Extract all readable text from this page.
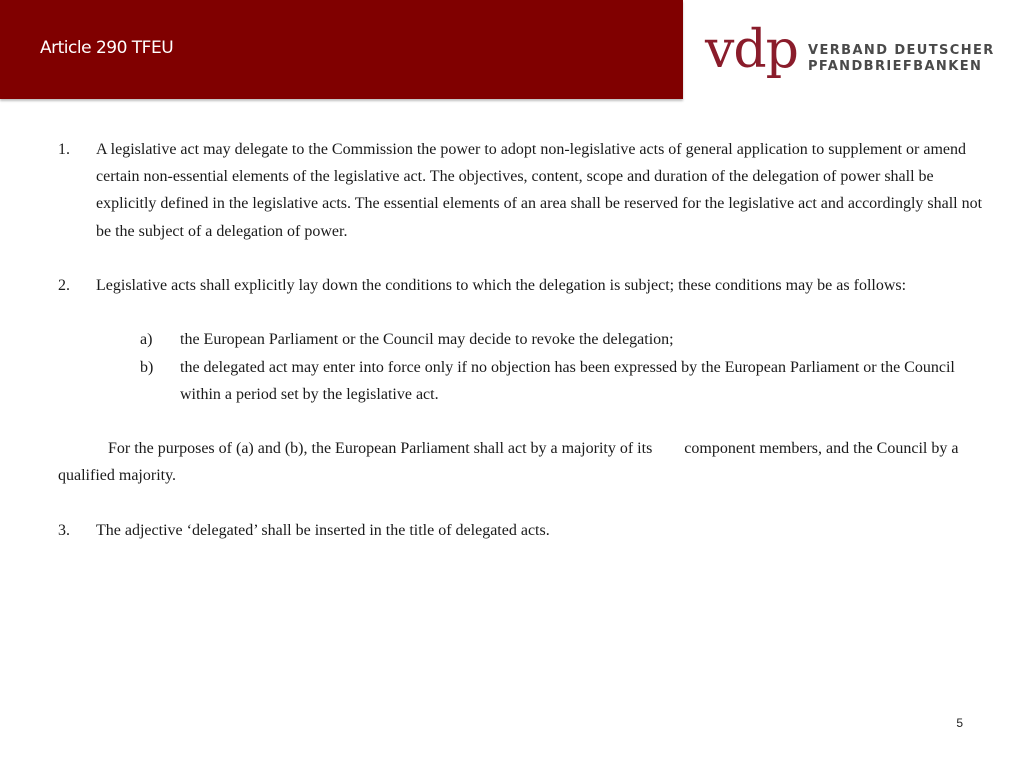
Article 290 TFEU	vdp VERBAND DEUTSCHER
PFANDBRIEFBANKEN
1. A legislative act may delegate to the Commission the power to adopt non-legislative acts of general application to supplement or amend certain non-essential elements of the legislative act. The objectives, content, scope and duration of the delegation of power shall be explicitly defined in the legislative acts. The essential elements of an area shall be reserved for the legislative act and accordingly shall not be the subject of a delegation of power.
2. Legislative acts shall explicitly lay down the conditions to which the delegation is subject; these conditions may be as follows:
a) the European Parliament or the Council may decide to revoke the delegation;
b) the delegated act may enter into force only if no objection has been expressed by the European Parliament or the Council within a period set by the legislative act.
For the purposes of (a) and (b), the European Parliament shall act by a majority of its        component members, and the Council by a qualified majority.
3. The adjective ‘delegated’ shall be inserted in the title of delegated acts.
5
